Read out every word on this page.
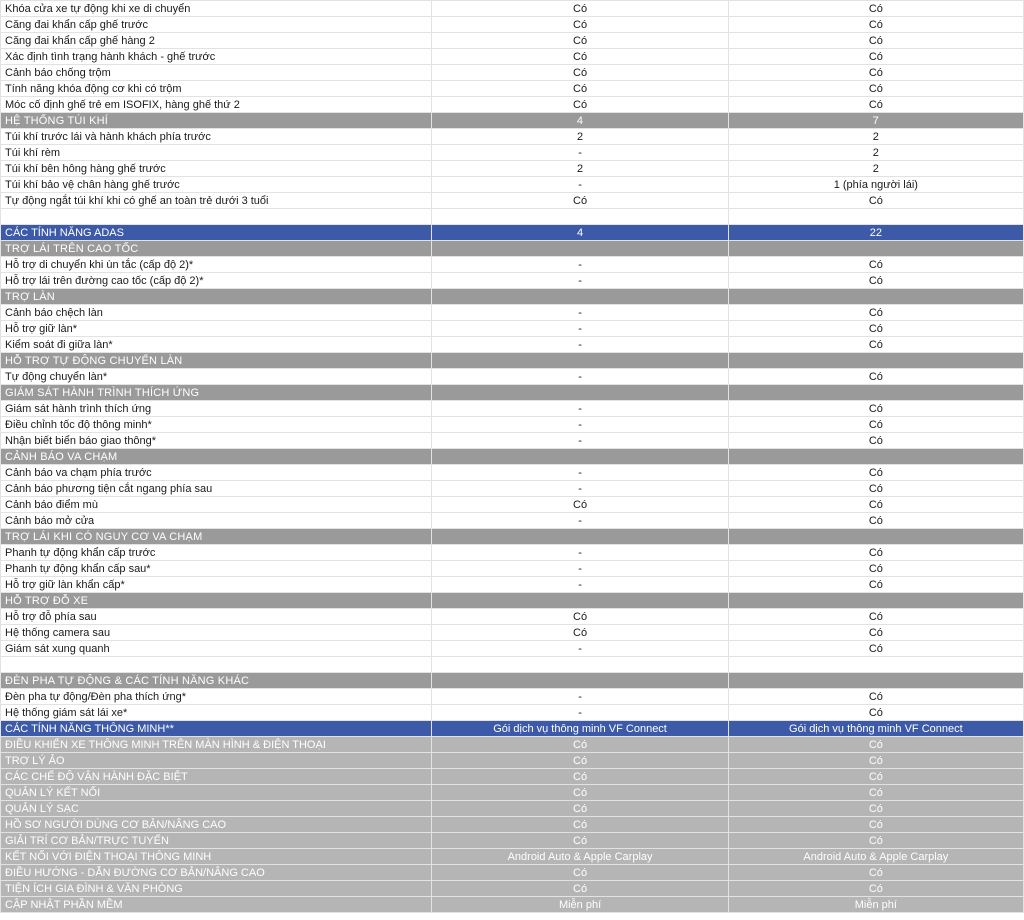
Khóa cửa xe tự động khi xe di chuyển	Có	Có
Căng đai khẩn cấp ghế trước	Có	Có
Căng đai khẩn cấp ghế hàng 2	Có	Có
Xác định tình trạng hành khách - ghế trước	Có	Có
Cảnh báo chống trộm	Có	Có
Tính năng khóa động cơ khi có trộm	Có	Có
Móc cố định ghế trẻ em ISOFIX, hàng ghế thứ 2	Có	Có
HỆ THỐNG TÚI KHÍ	4	7
Túi khí trước lái và hành khách phía trước	2	2
Túi khí rèm	-	2
Túi khí bên hông hàng ghế trước	2	2
Túi khí bảo vệ chân hàng ghế trước	-	1 (phía người lái)
Tự động ngắt túi khí khi có ghế an toàn trẻ dưới 3 tuổi	Có	Có

CÁC TÍNH NĂNG ADAS	4	22
TRỢ LÁI TRÊN CAO TỐC		
Hỗ trợ di chuyển khi ùn tắc (cấp độ 2)*	-	Có
Hỗ trợ lái trên đường cao tốc (cấp độ 2)*	-	Có
TRỢ LÀN		
Cảnh báo chệch làn	-	Có
Hỗ trợ giữ làn*	-	Có
Kiểm soát đi giữa làn*	-	Có
HỖ TRỢ TỰ ĐỘNG CHUYỂN LÀN		
Tự động chuyển làn*	-	Có
GIÁM SÁT HÀNH TRÌNH THÍCH ỨNG		
Giám sát hành trình thích ứng	-	Có
Điều chỉnh tốc độ thông minh*	-	Có
Nhận biết biển báo giao thông*	-	Có
CẢNH BÁO VA CHẠM		
Cảnh báo va chạm phía trước	-	Có
Cảnh báo phương tiện cắt ngang phía sau	-	Có
Cảnh báo điểm mù	Có	Có
Cảnh báo mở cửa	-	Có
TRỢ LÁI KHI CÓ NGUY CƠ VA CHẠM		
Phanh tự động khẩn cấp trước	-	Có
Phanh tự động khẩn cấp sau*	-	Có
Hỗ trợ giữ làn khẩn cấp*	-	Có
HỖ TRỢ ĐỖ XE		
Hỗ trợ đỗ phía sau	Có	Có
Hệ thống camera sau	Có	Có
Giám sát xung quanh	-	Có

ĐÈN PHA TỰ ĐỘNG & CÁC TÍNH NĂNG KHÁC		
Đèn pha tự động/Đèn pha thích ứng*	-	Có
Hệ thống giám sát lái xe*	-	Có
CÁC TÍNH NĂNG THÔNG MINH**	Gói dịch vụ thông minh VF Connect	Gói dịch vụ thông minh VF Connect
ĐIỀU KHIỂN XE THÔNG MINH TRÊN MÀN HÌNH & ĐIỆN THOẠI	Có	Có
TRỢ LÝ ẢO	Có	Có
CÁC CHẾ ĐỘ VẬN HÀNH ĐẶC BIỆT	Có	Có
QUẢN LÝ KẾT NỐI	Có	Có
QUẢN LÝ SẠC	Có	Có
HỒ SƠ NGƯỜI DÙNG CƠ BẢN/NÂNG CAO	Có	Có
GIẢI TRÍ CƠ BẢN/TRỰC TUYẾN	Có	Có
KẾT NỐI VỚI ĐIỆN THOẠI THÔNG MINH	Android Auto & Apple Carplay	Android Auto & Apple Carplay
ĐIỀU HƯỚNG - DẪN ĐƯỜNG CƠ BẢN/NÂNG CAO	Có	Có
TIỆN ÍCH GIA ĐÌNH & VĂN PHÒNG	Có	Có
CẬP NHẬT PHẦN MỀM	Miễn phí	Miễn phí
